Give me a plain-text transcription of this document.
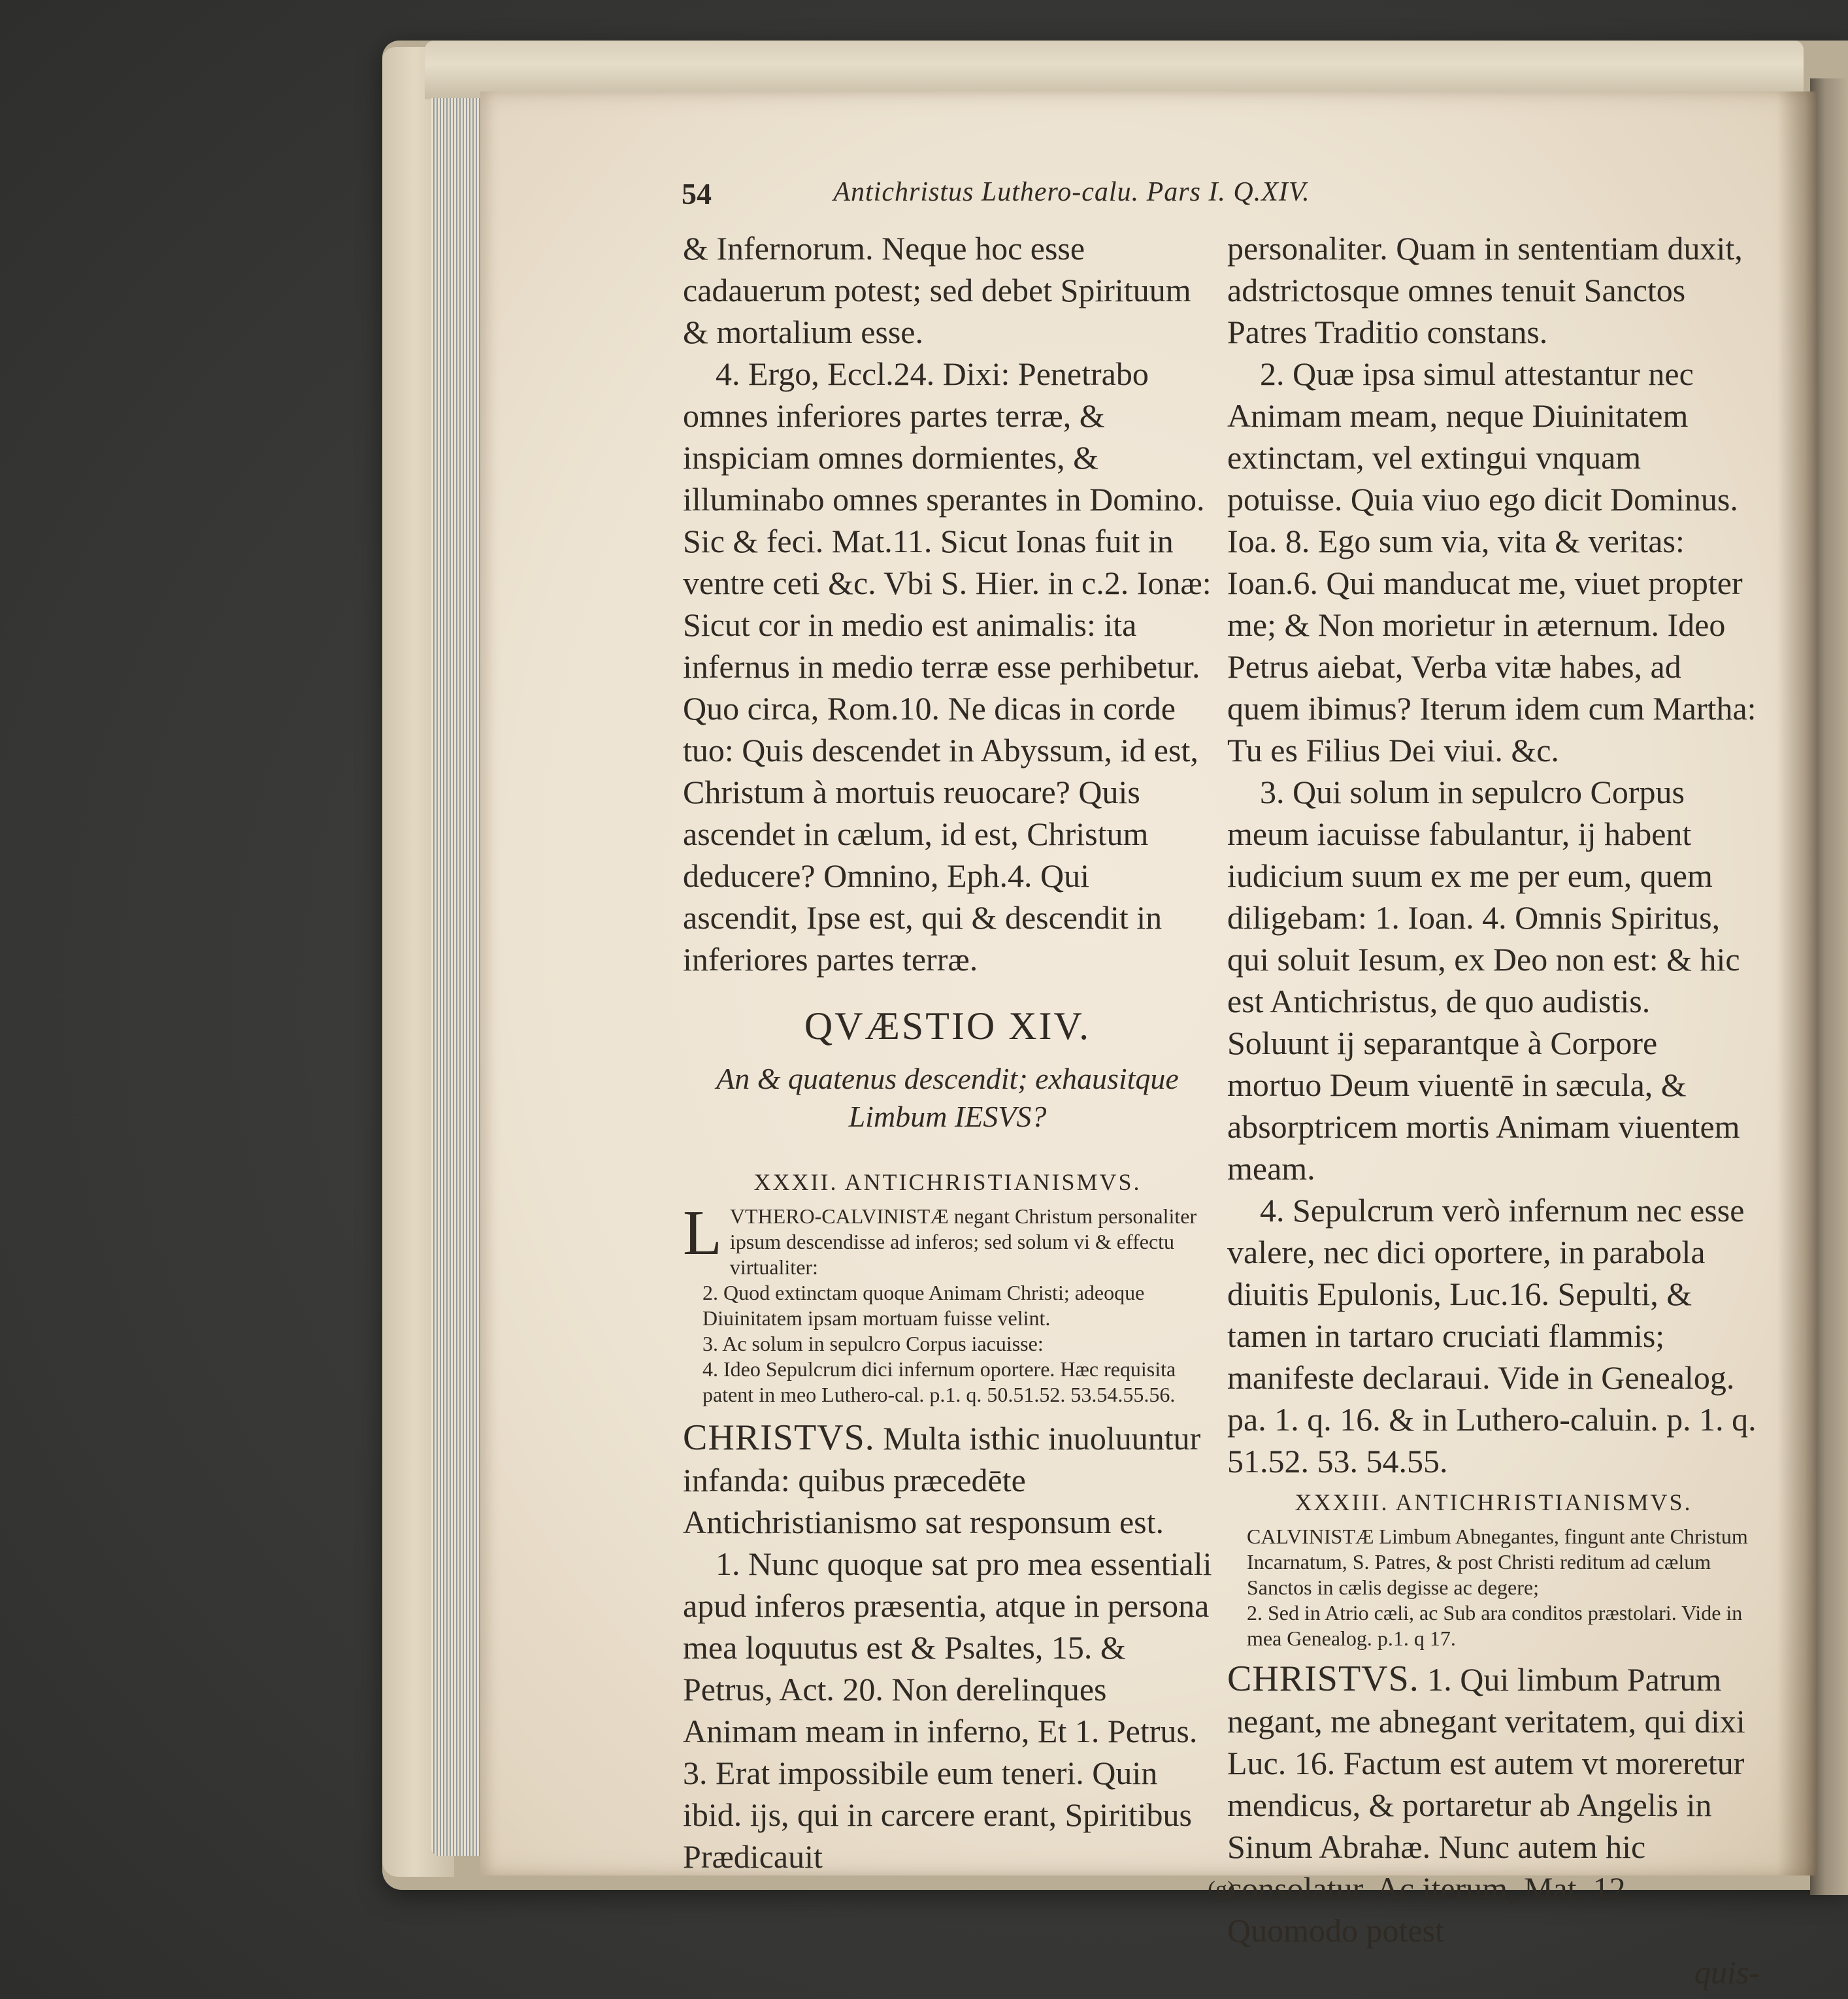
54	Antichristus Luthero-calu. Pars I. Q.XIV.

& Infernorum. Neque hoc esse cadauerum potest; sed debet Spirituum & mortalium esse.

4. Ergo, Eccl.24. Dixi: Penetrabo omnes inferiores partes terræ, & inspiciam omnes dormientes, & illuminabo omnes sperantes in Domino. Sic & feci. Mat.11. Sicut Ionas fuit in ventre ceti &c. Vbi S. Hier. in c.2. Ionæ: Sicut cor in medio est animalis: ita infernus in medio terræ esse perhibetur. Quo circa, Rom.10. Ne dicas in corde tuo: Quis descendet in Abyssum, id est, Christum à mortuis reuocare? Quis ascendet in cælum, id est, Christum deducere? Omnino, Eph.4. Qui ascendit, Ipse est, qui & descendit in inferiores partes terræ.

QVÆSTIO XIV.
An & quatenus descendit; exhausitque Limbum IESVS?
XXXII. ANTICHRISTIANISMVS.
L VTHERO-CALVINISTÆ negant Christum personaliter ipsum descendisse ad inferos; sed solum vi & effectu virtualiter:
2. Quod extinctam quoque Animam Christi; adeoque Diuinitatem ipsam mortuam fuisse velint.
3. Ac solum in sepulcro Corpus iacuisse:
4. Ideo Sepulcrum dici infernum oportere. Hæc requisita patent in meo Luthero-cal. p.1. q. 50.51.52. 53.54.55.56.

CHRISTVS. Multa isthic inuoluuntur infanda: quibus præcedēte Antichristianismo sat responsum est.

1. Nunc quoque sat pro mea essentiali apud inferos præsentia, atque in persona mea loquutus est & Psaltes, 15. & Petrus, Act. 20. Non derelinques Animam meam in inferno, Et 1. Petrus. 3. Erat impossibile eum teneri. Quin ibid. ijs, qui in carcere erant, Spiritibus Prædicauit

personaliter. Quam in sententiam duxit, adstrictosque omnes tenuit Sanctos Patres Traditio constans.

2. Quæ ipsa simul attestantur nec Animam meam, neque Diuinitatem extinctam, vel extingui vnquam potuisse. Quia viuo ego dicit Dominus. Ioa. 8. Ego sum via, vita & veritas: Ioan.6. Qui manducat me, viuet propter me; & Non morietur in æternum. Ideo Petrus aiebat, Verba vitæ habes, ad quem ibimus? Iterum idem cum Martha: Tu es Filius Dei viui. &c.

3. Qui solum in sepulcro Corpus meum iacuisse fabulantur, ij habent iudicium suum ex me per eum, quem diligebam: 1. Ioan. 4. Omnis Spiritus, qui soluit Iesum, ex Deo non est: & hic est Antichristus, de quo audistis. Soluunt ij separantque à Corpore mortuo Deum viuentē in sæcula, & absorptricem mortis Animam viuentem meam.

4. Sepulcrum verò infernum nec esse valere, nec dici oportere, in parabola diuitis Epulonis, Luc.16. Sepulti, & tamen in tartaro cruciati flammis; manifeste declaraui. Vide in Genealog. pa. 1. q. 16. & in Luthero-caluin. p. 1. q. 51.52. 53. 54.55.

XXXIII. ANTICHRISTIANISMVS.
CALVINISTÆ Limbum Abnegantes, fingunt ante Christum Incarnatum, S. Patres, & post Christi reditum ad cælum Sanctos in cælis degisse ac degere;
2. Sed in Atrio cæli, ac Sub ara conditos præstolari. Vide in mea Genealog. p.1. q 17.

CHRISTVS. 1. Qui limbum Patrum negant, me abnegant veritatem, qui dixi Luc. 16. Factum est autem vt moreretur mendicus, & portaretur ab Angelis in Sinum Abrahæ. Nunc autem hic consolatur. Ac iterum, Mat. 12. Quomodo potest

quis-
(g)
